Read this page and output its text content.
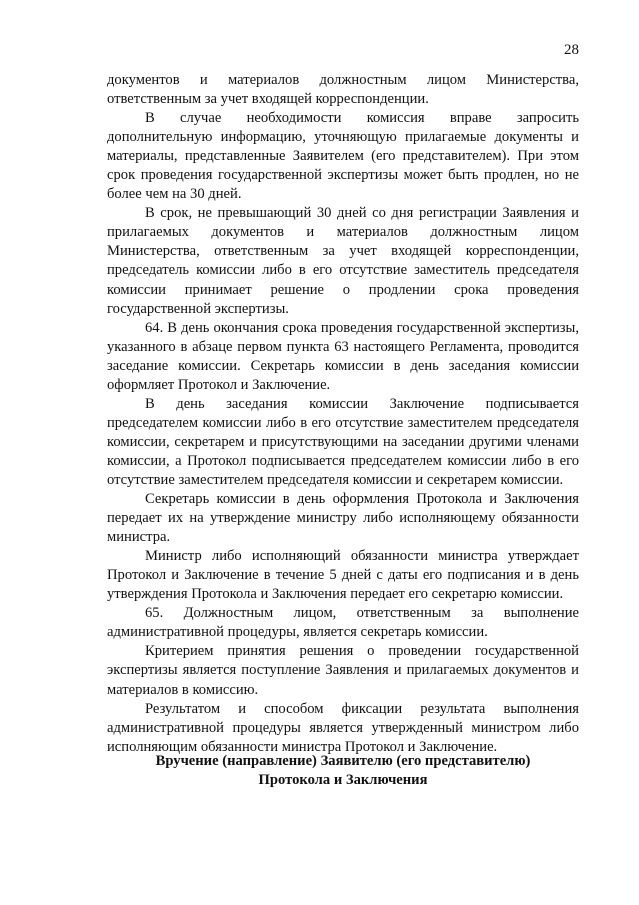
28

документов и материалов должностным лицом Министерства, ответственным за учет входящей корреспонденции.

В случае необходимости комиссия вправе запросить дополнительную информацию, уточняющую прилагаемые документы и материалы, представленные Заявителем (его представителем). При этом срок проведения государственной экспертизы может быть продлен, но не более чем на 30 дней.

В срок, не превышающий 30 дней со дня регистрации Заявления и прилагаемых документов и материалов должностным лицом Министерства, ответственным за учет входящей корреспонденции, председатель комиссии либо в его отсутствие заместитель председателя комиссии принимает решение о продлении срока проведения государственной экспертизы.

64. В день окончания срока проведения государственной экспертизы, указанного в абзаце первом пункта 63 настоящего Регламента, проводится заседание комиссии. Секретарь комиссии в день заседания комиссии оформляет Протокол и Заключение.

В день заседания комиссии Заключение подписывается председателем комиссии либо в его отсутствие заместителем председателя комиссии, секретарем и присутствующими на заседании другими членами комиссии, а Протокол подписывается председателем комиссии либо в его отсутствие заместителем председателя комиссии и секретарем комиссии.

Секретарь комиссии в день оформления Протокола и Заключения передает их на утверждение министру либо исполняющему обязанности министра.

Министр либо исполняющий обязанности министра утверждает Протокол и Заключение в течение 5 дней с даты его подписания и в день утверждения Протокола и Заключения передает его секретарю комиссии.

65. Должностным лицом, ответственным за выполнение административной процедуры, является секретарь комиссии.

Критерием принятия решения о проведении государственной экспертизы является поступление Заявления и прилагаемых документов и материалов в комиссию.

Результатом и способом фиксации результата выполнения административной процедуры является утвержденный министром либо исполняющим обязанности министра Протокол и Заключение.

Вручение (направление) Заявителю (его представителю)
Протокола и Заключения
